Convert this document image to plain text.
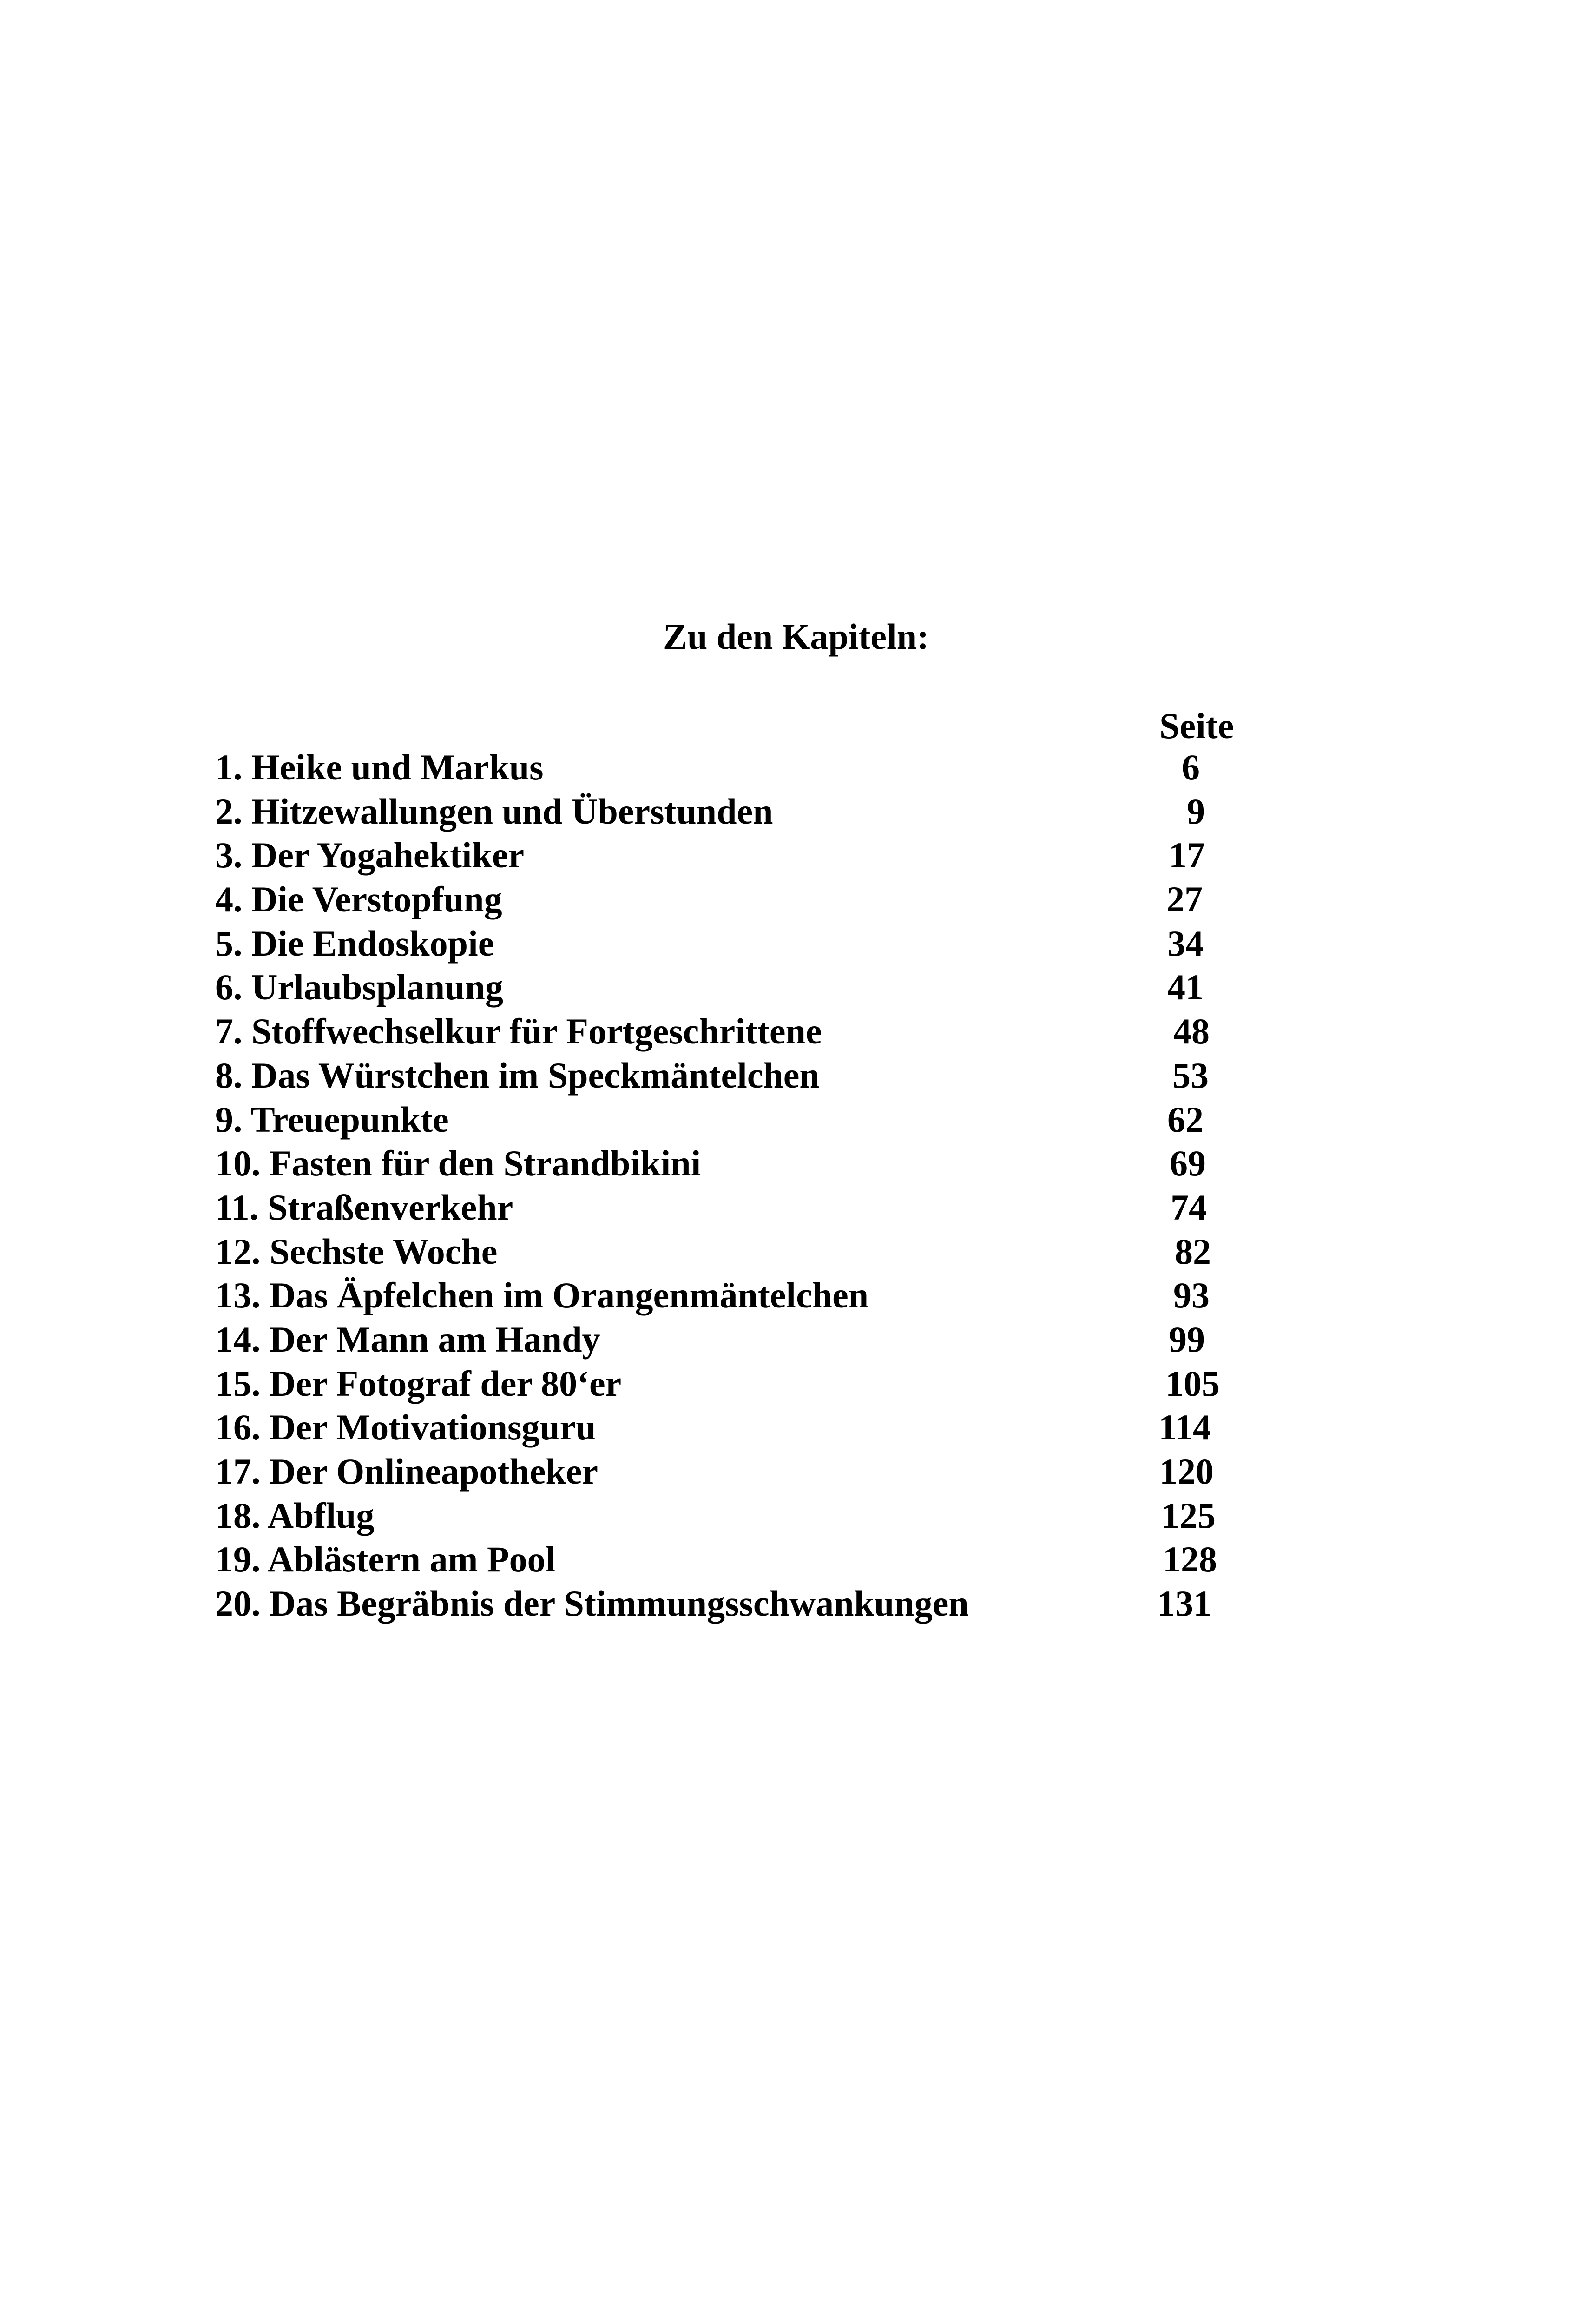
Zu den Kapiteln:
Seite
1. Heike und Markus	6
2. Hitzewallungen und Überstunden	9
3. Der Yogahektiker	17
4. Die Verstopfung	27
5. Die Endoskopie	34
6. Urlaubsplanung	41
7. Stoffwechselkur für Fortgeschrittene	48
8. Das Würstchen im Speckmäntelchen	53
9. Treuepunkte	62
10. Fasten für den Strandbikini	69
11. Straßenverkehr	74
12. Sechste Woche	82
13. Das Äpfelchen im Orangenmäntelchen	93
14. Der Mann am Handy	99
15. Der Fotograf der 80‘er	105
16. Der Motivationsguru	114
17. Der Onlineapotheker	120
18. Abflug	125
19. Ablästern am Pool	128
20. Das Begräbnis der Stimmungsschwankungen	131
